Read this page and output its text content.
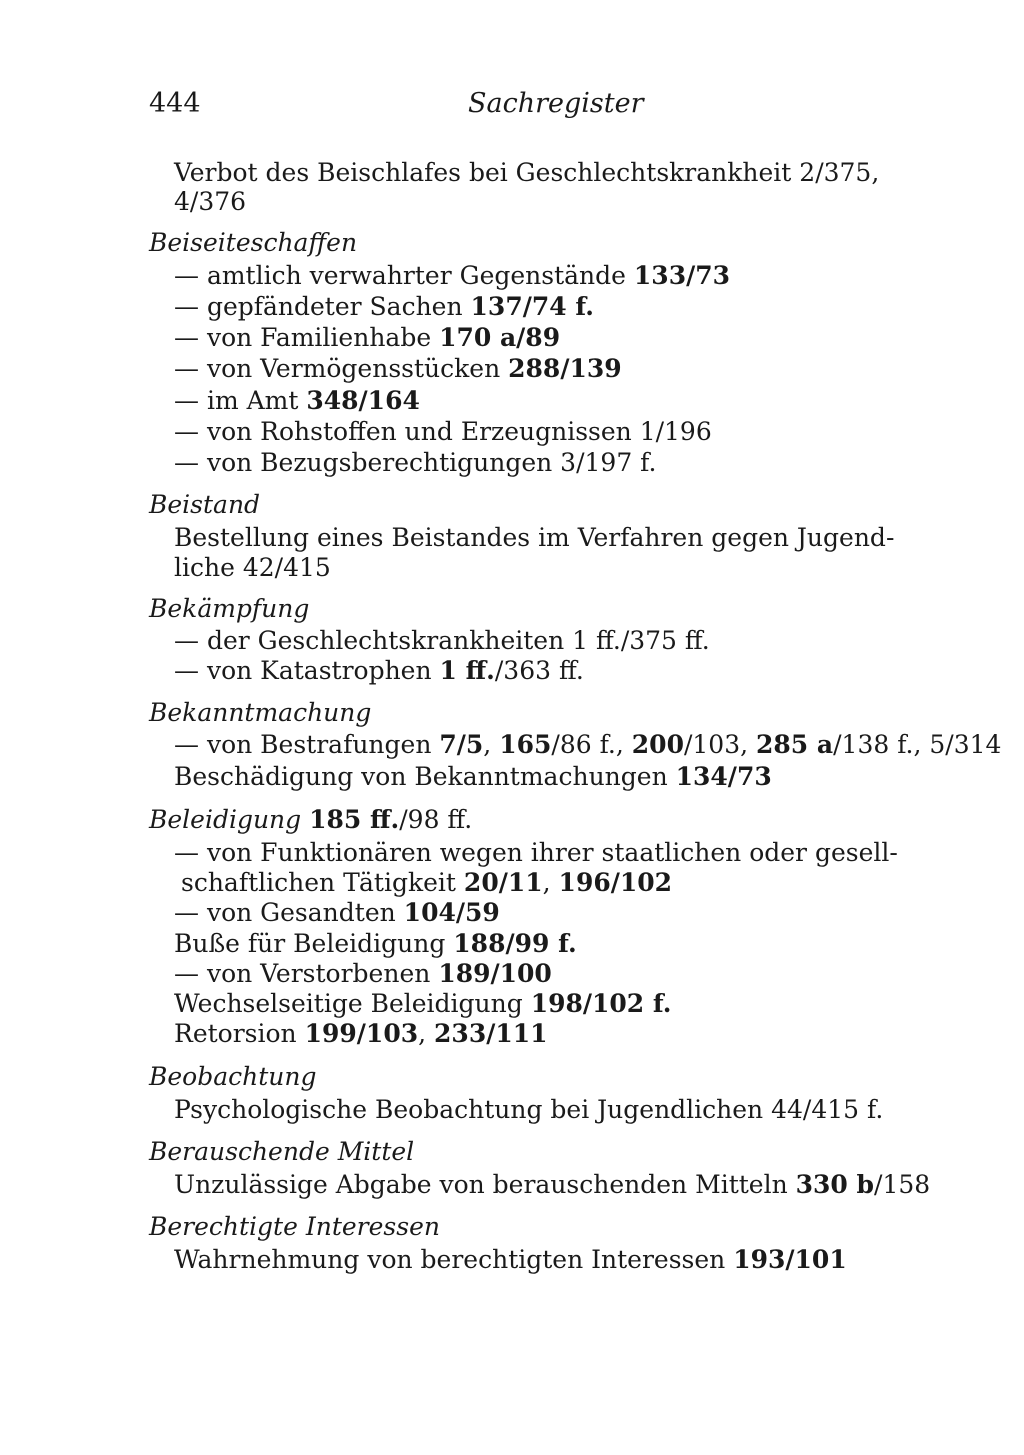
444	Sachregister
Verbot des Beischlafes bei Geschlechtskrankheit 2/375,
4/376
Beiseiteschaffen
— amtlich verwahrter Gegenstände 133/73
— gepfändeter Sachen 137/74 f.
— von Familienhabe 170 a/89
— von Vermögensstücken 288/139
— im Amt 348/164
— von Rohstoffen und Erzeugnissen 1/196
— von Bezugsberechtigungen 3/197 f.
Beistand
Bestellung eines Beistandes im Verfahren gegen Jugend-
liche 42/415
Bekämpfung
— der Geschlechtskrankheiten 1 ff./375 ff.
— von Katastrophen 1 ff./363 ff.
Bekanntmachung
— von Bestrafungen 7/5, 165/86 f., 200/103, 285 a/138 f., 5/314
Beschädigung von Bekanntmachungen 134/73
Beleidigung 185 ff./98 ff.
— von Funktionären wegen ihrer staatlichen oder gesell-
schaftlichen Tätigkeit 20/11, 196/102
— von Gesandten 104/59
Buße für Beleidigung 188/99 f.
— von Verstorbenen 189/100
Wechselseitige Beleidigung 198/102 f.
Retorsion 199/103, 233/111
Beobachtung
Psychologische Beobachtung bei Jugendlichen 44/415 f.
Berauschende Mittel
Unzulässige Abgabe von berauschenden Mitteln 330 b/158
Berechtigte Interessen
Wahrnehmung von berechtigten Interessen 193/101
